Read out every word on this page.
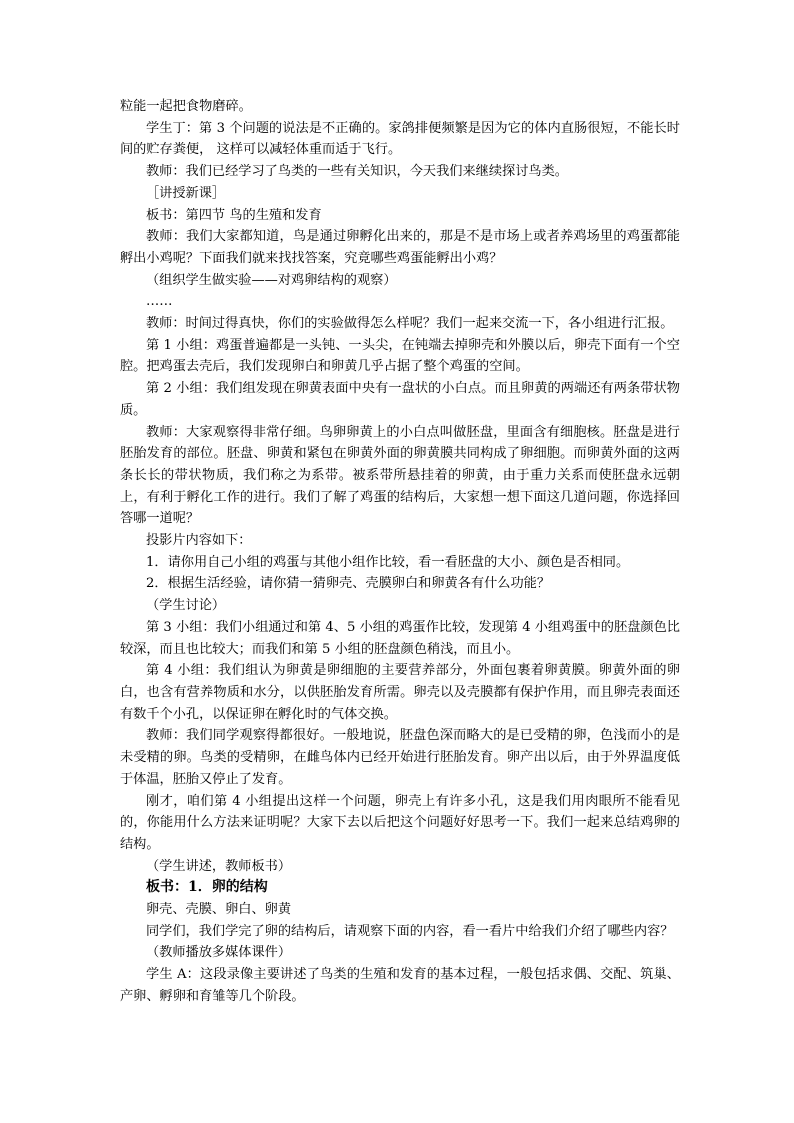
粒能一起把食物磨碎。

学生丁：第 3 个问题的说法是不正确的。家鸽排便频繁是因为它的体内直肠很短，不能长时间的贮存粪便， 这样可以减轻体重而适于飞行。

教师：我们已经学习了鸟类的一些有关知识，今天我们来继续探讨鸟类。

［讲授新课］

板书：第四节 鸟的生殖和发育

教师：我们大家都知道，鸟是通过卵孵化出来的，那是不是市场上或者养鸡场里的鸡蛋都能孵出小鸡呢？下面我们就来找找答案，究竟哪些鸡蛋能孵出小鸡？

（组织学生做实验——对鸡卵结构的观察）

……

教师：时间过得真快，你们的实验做得怎么样呢？我们一起来交流一下，各小组进行汇报。

第 1 小组：鸡蛋普遍都是一头钝、一头尖，在钝端去掉卵壳和外膜以后，卵壳下面有一个空腔。把鸡蛋去壳后，我们发现卵白和卵黄几乎占据了整个鸡蛋的空间。

第 2 小组：我们组发现在卵黄表面中央有一盘状的小白点。而且卵黄的两端还有两条带状物质。

教师：大家观察得非常仔细。鸟卵卵黄上的小白点叫做胚盘，里面含有细胞核。胚盘是进行胚胎发育的部位。胚盘、卵黄和紧包在卵黄外面的卵黄膜共同构成了卵细胞。而卵黄外面的这两条长长的带状物质，我们称之为系带。被系带所悬挂着的卵黄，由于重力关系而使胚盘永远朝上，有利于孵化工作的进行。我们了解了鸡蛋的结构后，大家想一想下面这几道问题，你选择回答哪一道呢？

投影片内容如下：

1．请你用自己小组的鸡蛋与其他小组作比较，看一看胚盘的大小、颜色是否相同。

2．根据生活经验，请你猜一猜卵壳、壳膜卵白和卵黄各有什么功能？

（学生讨论）

第 3 小组：我们小组通过和第 4、5 小组的鸡蛋作比较，发现第 4 小组鸡蛋中的胚盘颜色比较深，而且也比较大；而我们和第 5 小组的胚盘颜色稍浅，而且小。

第 4 小组：我们组认为卵黄是卵细胞的主要营养部分，外面包裹着卵黄膜。卵黄外面的卵白，也含有营养物质和水分，以供胚胎发育所需。卵壳以及壳膜都有保护作用，而且卵壳表面还有数千个小孔，以保证卵在孵化时的气体交换。

教师：我们同学观察得都很好。一般地说，胚盘色深而略大的是已受精的卵，色浅而小的是未受精的卵。鸟类的受精卵，在雌鸟体内已经开始进行胚胎发育。卵产出以后，由于外界温度低于体温，胚胎又停止了发育。

刚才，咱们第 4 小组提出这样一个问题，卵壳上有许多小孔，这是我们用肉眼所不能看见的，你能用什么方法来证明呢？大家下去以后把这个问题好好思考一下。我们一起来总结鸡卵的结构。

（学生讲述，教师板书）

板书：1．卵的结构

卵壳、壳膜、卵白、卵黄

同学们，我们学完了卵的结构后，请观察下面的内容，看一看片中给我们介绍了哪些内容？

（教师播放多媒体课件）

学生 A：这段录像主要讲述了鸟类的生殖和发育的基本过程，一般包括求偶、交配、筑巢、产卵、孵卵和育雏等几个阶段。
